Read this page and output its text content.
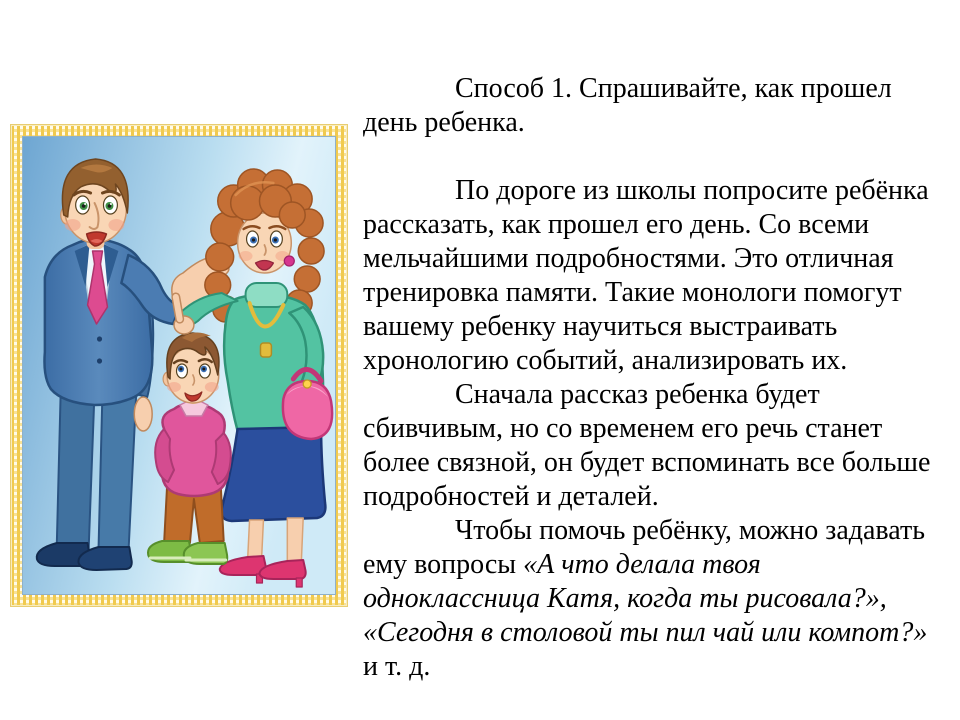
Способ 1. Спрашивайте, как прошел день ребенка.

По дороге из школы попросите ребёнка рассказать, как прошел его день. Со всеми мельчайшими подробностями. Это отличная тренировка памяти. Такие монологи помогут вашему ребенку научиться выстраивать хронологию событий, анализировать их.

Сначала рассказ ребенка будет сбивчивым, но со временем его речь станет более связной, он будет вспоминать все больше подробностей и деталей.

Чтобы помочь ребёнку, можно задавать ему вопросы «А что делала твоя одноклассница Катя, когда ты рисовала?», «Сегодня в столовой ты пил чай или компот?» и т. д.
